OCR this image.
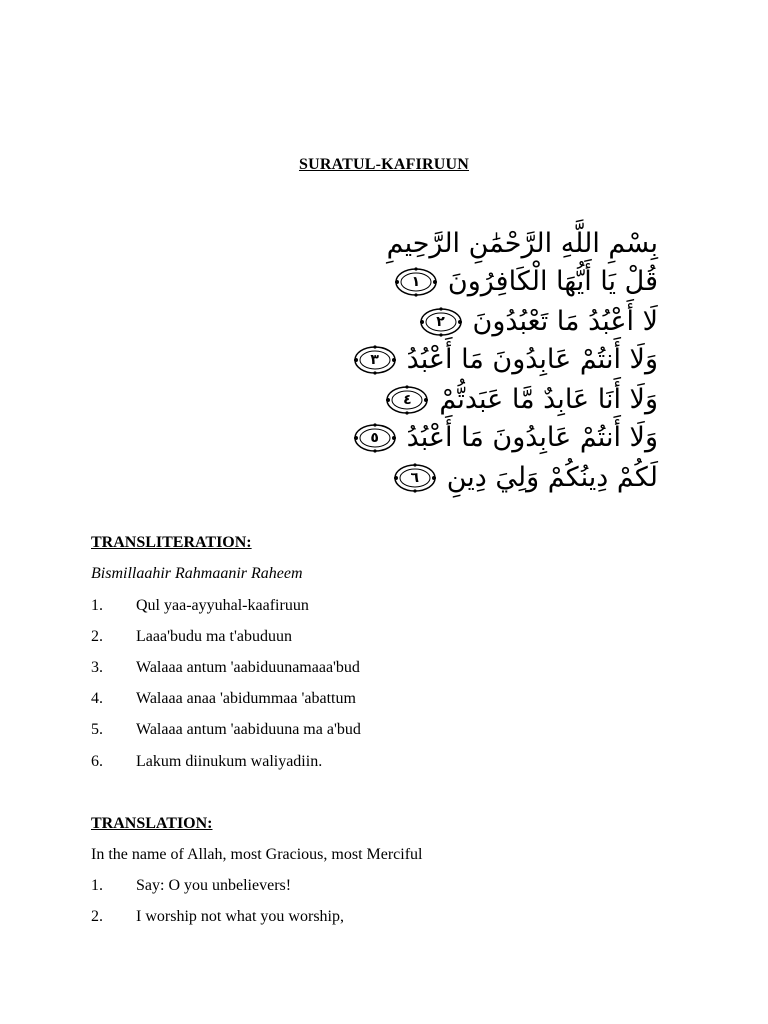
SURATUL-KAFIRUUN
بِسْمِ اللَّهِ الرَّحْمَٰنِ الرَّحِيمِ
قُلْ يَا أَيُّهَا الْكَافِرُونَ
١
لَا أَعْبُدُ مَا تَعْبُدُونَ
٢
وَلَا أَنتُمْ عَابِدُونَ مَا أَعْبُدُ
٣
وَلَا أَنَا عَابِدٌ مَّا عَبَدتُّمْ
٤
وَلَا أَنتُمْ عَابِدُونَ مَا أَعْبُدُ
٥
لَكُمْ دِينُكُمْ وَلِيَ دِينِ
٦
TRANSLITERATION:
Bismillaahir Rahmaanir Raheem
1. Qul yaa-ayyuhal-kaafiruun
2. Laaa'budu ma t'abuduun
3. Walaaa antum 'aabiduunamaaa'bud
4. Walaaa anaa 'abidummaa 'abattum
5. Walaaa antum 'aabiduuna ma a'bud
6. Lakum diinukum waliyadiin.
TRANSLATION:
In the name of Allah, most Gracious, most Merciful
1. Say: O you unbelievers!
2. I worship not what you worship,
